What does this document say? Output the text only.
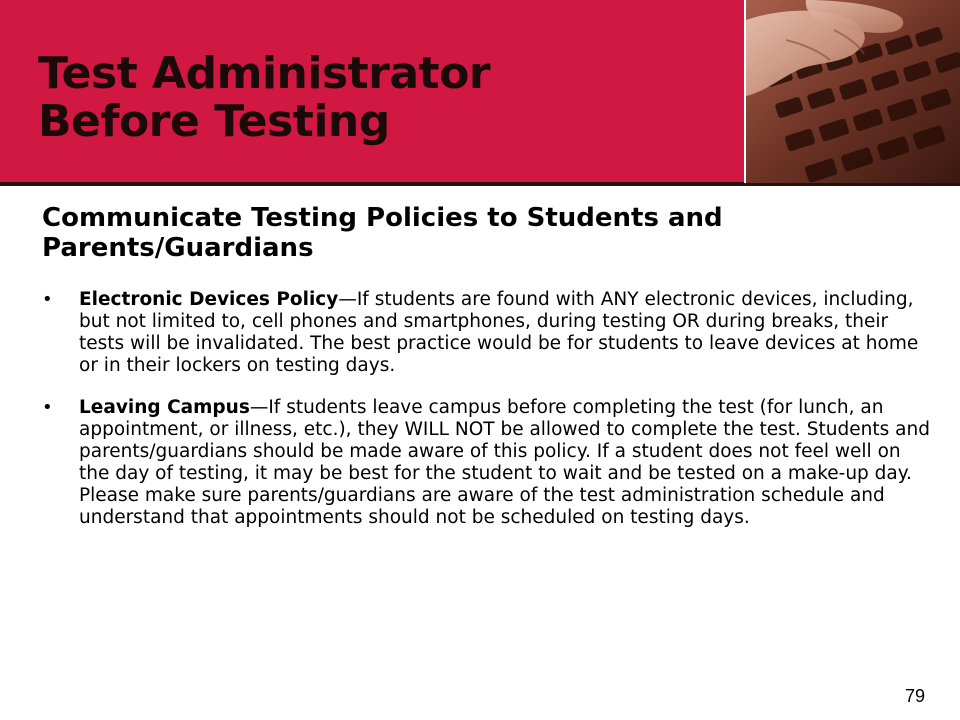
Test Administrator
Before Testing
Communicate Testing Policies to Students and Parents/Guardians
• Electronic Devices Policy—If students are found with ANY electronic devices, including, but not limited to, cell phones and smartphones, during testing OR during breaks, their tests will be invalidated. The best practice would be for students to leave devices at home or in their lockers on testing days.
• Leaving Campus—If students leave campus before completing the test (for lunch, an appointment, or illness, etc.), they WILL NOT be allowed to complete the test. Students and parents/guardians should be made aware of this policy. If a student does not feel well on the day of testing, it may be best for the student to wait and be tested on a make-up day. Please make sure parents/guardians are aware of the test administration schedule and understand that appointments should not be scheduled on testing days.
79
